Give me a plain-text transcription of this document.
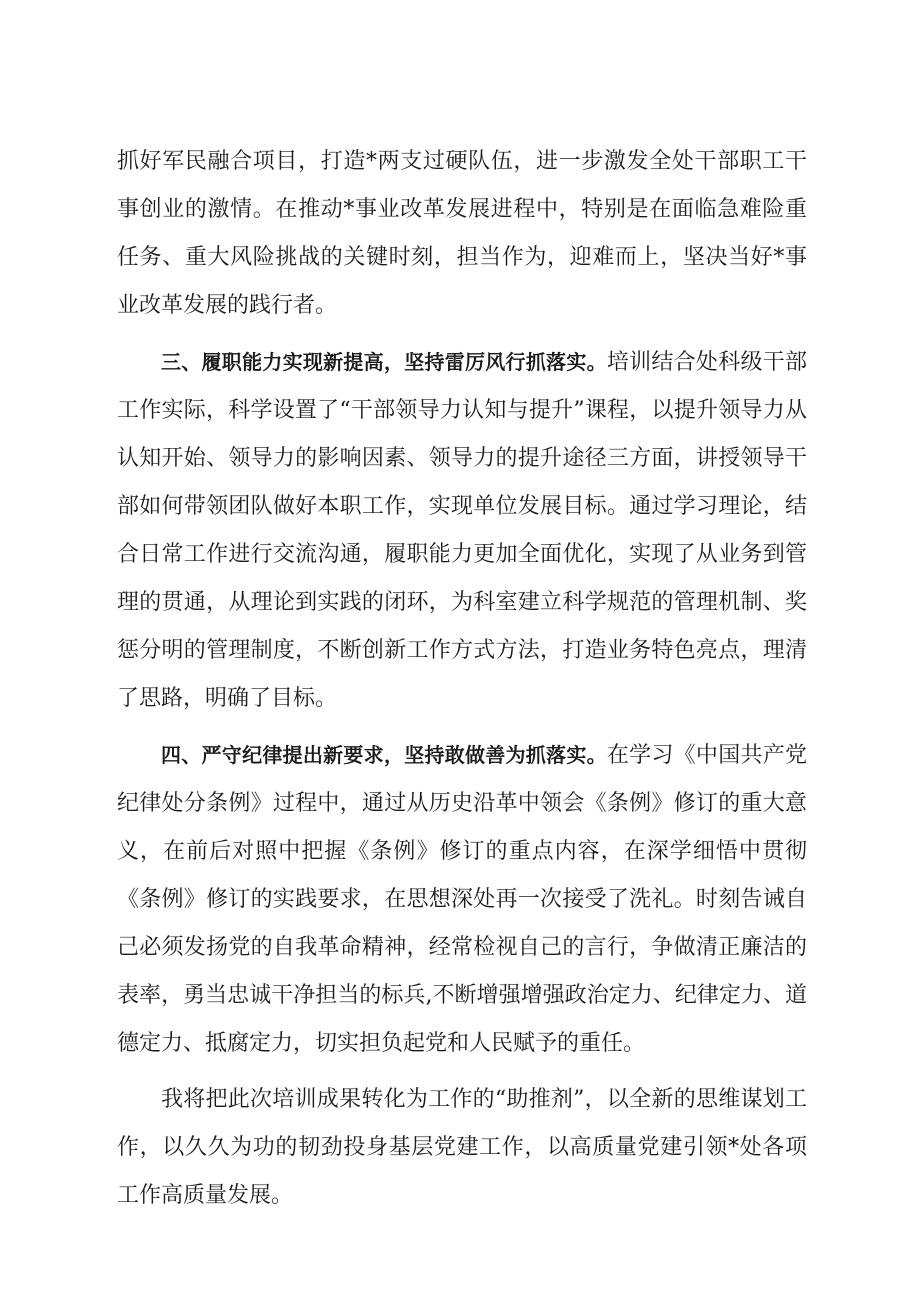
抓好军民融合项目，打造*两支过硬队伍，进一步激发全处干部职工干事创业的激情。在推动*事业改革发展进程中，特别是在面临急难险重任务、重大风险挑战的关键时刻，担当作为，迎难而上，坚决当好*事业改革发展的践行者。

三、履职能力实现新提高，坚持雷厉风行抓落实。培训结合处科级干部工作实际，科学设置了“干部领导力认知与提升”课程，以提升领导力从认知开始、领导力的影响因素、领导力的提升途径三方面，讲授领导干部如何带领团队做好本职工作，实现单位发展目标。通过学习理论，结合日常工作进行交流沟通，履职能力更加全面优化，实现了从业务到管理的贯通，从理论到实践的闭环，为科室建立科学规范的管理机制、奖惩分明的管理制度，不断创新工作方式方法，打造业务特色亮点，理清了思路，明确了目标。

四、严守纪律提出新要求，坚持敢做善为抓落实。在学习《中国共产党纪律处分条例》过程中，通过从历史沿革中领会《条例》修订的重大意义，在前后对照中把握《条例》修订的重点内容，在深学细悟中贯彻《条例》修订的实践要求，在思想深处再一次接受了洗礼。时刻告诫自己必须发扬党的自我革命精神，经常检视自己的言行，争做清正廉洁的表率，勇当忠诚干净担当的标兵,不断增强增强政治定力、纪律定力、道德定力、抵腐定力，切实担负起党和人民赋予的重任。

我将把此次培训成果转化为工作的“助推剂”，以全新的思维谋划工作，以久久为功的韧劲投身基层党建工作，以高质量党建引领*处各项工作高质量发展。
